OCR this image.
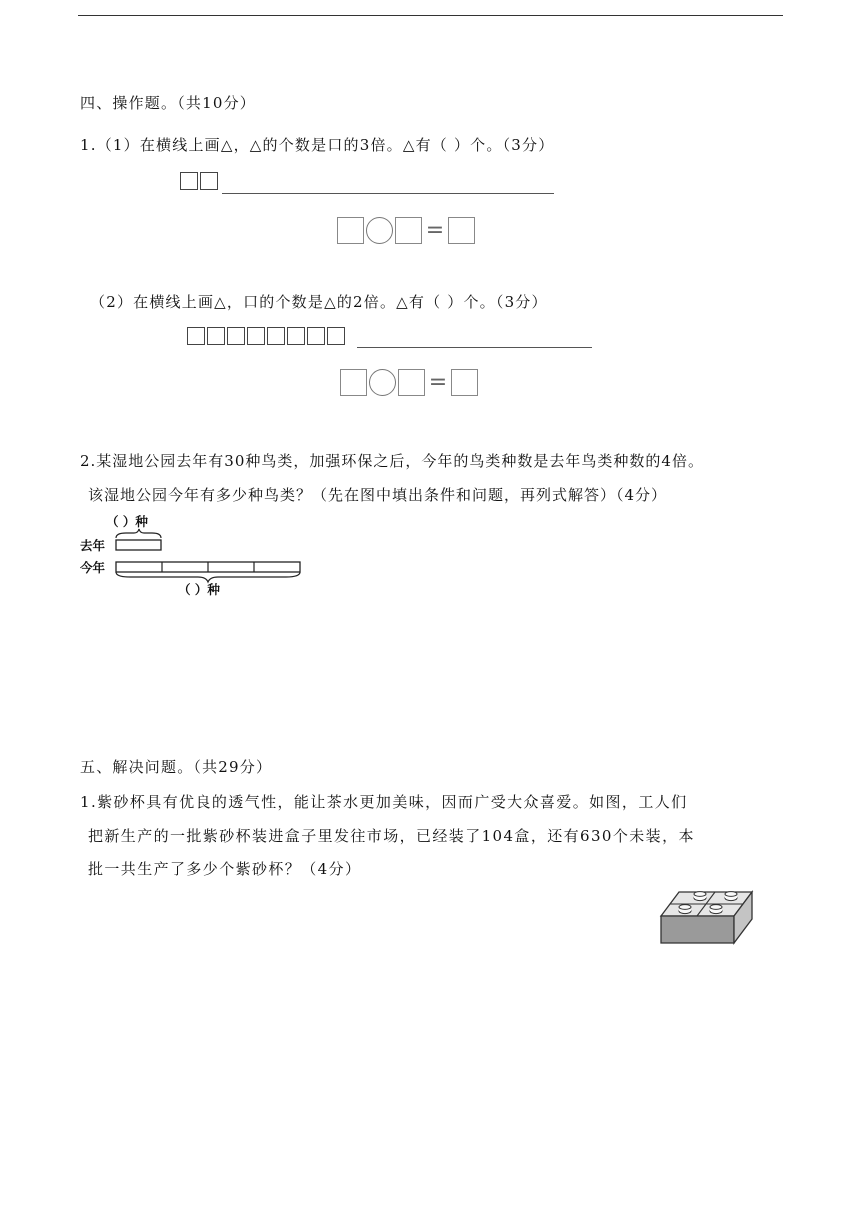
四、操作题。（共10分）
1.（1）在横线上画△，△的个数是口的3倍。△有（ ）个。（3分）
=
（2）在横线上画△，口的个数是△的2倍。△有（ ）个。（3分）
=
2.某湿地公园去年有30种鸟类，加强环保之后，今年的鸟类种数是去年鸟类种数的4倍。
该湿地公园今年有多少种鸟类？（先在图中填出条件和问题，再列式解答）（4分）
（ ）种
去年
今年
（ ）种
五、解决问题。（共29分）
1.紫砂杯具有优良的透气性，能让茶水更加美味，因而广受大众喜爱。如图，工人们
把新生产的一批紫砂杯装进盒子里发往市场，已经装了104盒，还有630个未装，本
批一共生产了多少个紫砂杯？（4分）
